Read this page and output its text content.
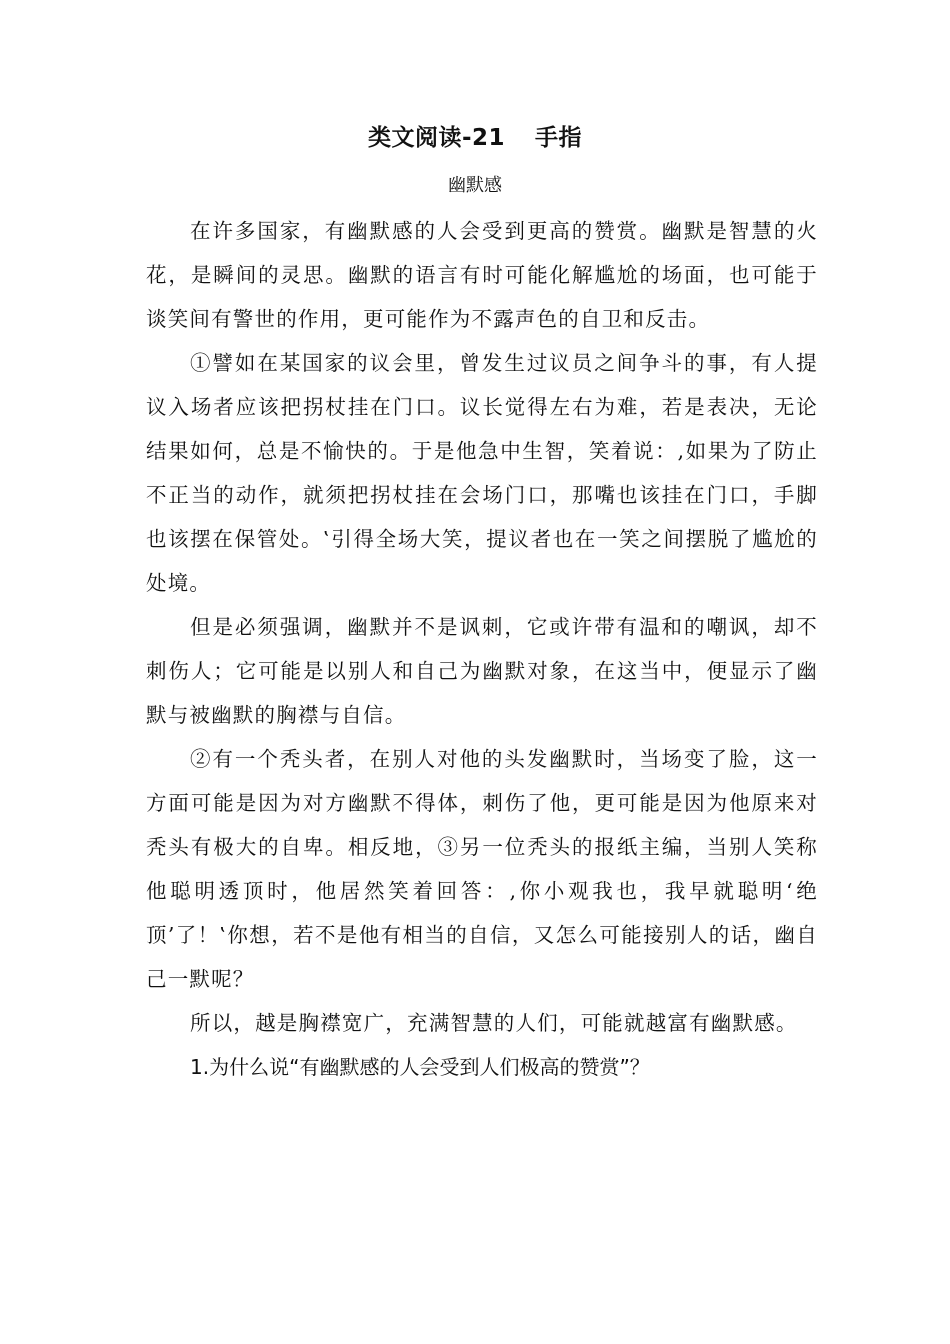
类文阅读-21 手指
幽默感

在许多国家，有幽默感的人会受到更高的赞赏。幽默是智慧的火花，是瞬间的灵思。幽默的语言有时可能化解尴尬的场面，也可能于谈笑间有警世的作用，更可能作为不露声色的自卫和反击。

①譬如在某国家的议会里，曾发生过议员之间争斗的事，有人提议入场者应该把拐杖挂在门口。议长觉得左右为难，若是表决，无论结果如何，总是不愉快的。于是他急中生智，笑着说：‚如果为了防止不正当的动作，就须把拐杖挂在会场门口，那嘴也该挂在门口，手脚也该摆在保管处。‛引得全场大笑，提议者也在一笑之间摆脱了尴尬的处境。

但是必须强调，幽默并不是讽刺，它或许带有温和的嘲讽，却不刺伤人；它可能是以别人和自己为幽默对象，在这当中，便显示了幽默与被幽默的胸襟与自信。

②有一个秃头者，在别人对他的头发幽默时，当场变了脸，这一方面可能是因为对方幽默不得体，刺伤了他，更可能是因为他原来对秃头有极大的自卑。相反地，③另一位秃头的报纸主编，当别人笑称他聪明透顶时，他居然笑着回答：‚你小观我也，我早就聪明‘绝顶’了！‛你想，若不是他有相当的自信，又怎么可能接别人的话，幽自己一默呢？

所以，越是胸襟宽广，充满智慧的人们，可能就越富有幽默感。

1.为什么说“有幽默感的人会受到人们极高的赞赏”？
